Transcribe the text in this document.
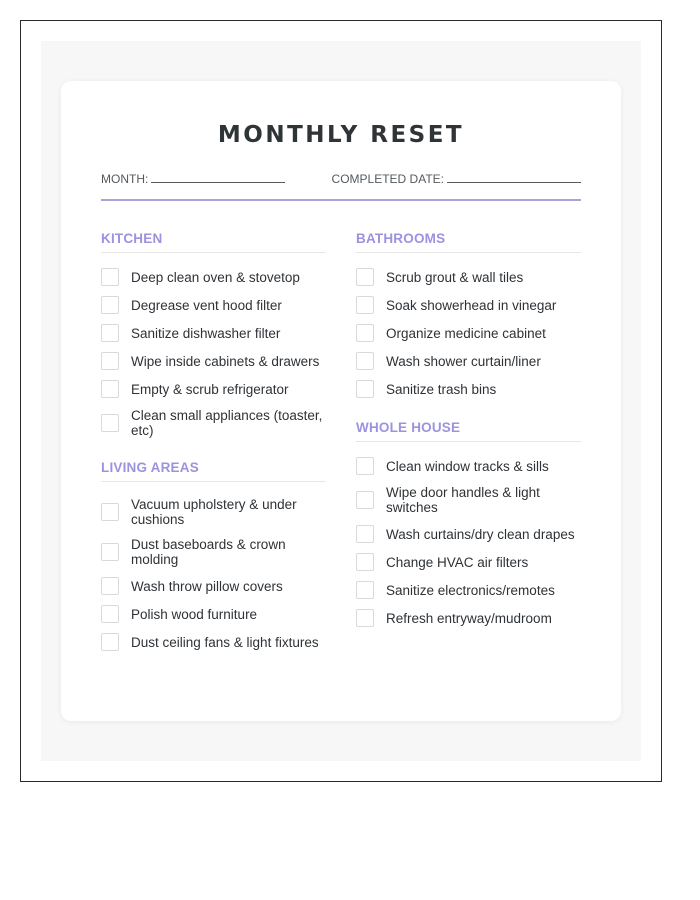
MONTHLY RESET
MONTH:	COMPLETED DATE:
KITCHEN
Deep clean oven & stovetop
Degrease vent hood filter
Sanitize dishwasher filter
Wipe inside cabinets & drawers
Empty & scrub refrigerator
Clean small appliances (toaster, etc)
LIVING AREAS
Vacuum upholstery & under cushions
Dust baseboards & crown molding
Wash throw pillow covers
Polish wood furniture
Dust ceiling fans & light fixtures
BATHROOMS
Scrub grout & wall tiles
Soak showerhead in vinegar
Organize medicine cabinet
Wash shower curtain/liner
Sanitize trash bins
WHOLE HOUSE
Clean window tracks & sills
Wipe door handles & light switches
Wash curtains/dry clean drapes
Change HVAC air filters
Sanitize electronics/remotes
Refresh entryway/mudroom
